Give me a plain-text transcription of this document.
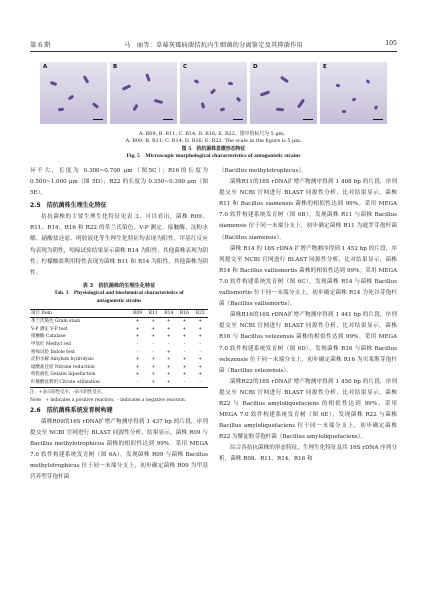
第 6 期	马　丽等：草莓灰霉病菌拮抗内生细菌的分离鉴定及其抑菌作用	105
A	B	C	D	E
A. R09; B. R11; C. R14; D. R16; E. R22。图中的标尺为 5 μm。
A. R09; B. R11; C. R14; D. R16; E. R22. The scale in the figure is 5 μm.
图 5　拮抗菌株显微形态特征
Fig. 5　Microscopic morphological characteristics of antagonistic strains

异不大，长度为 0.300~0.700 μm（图5C）；R16的长度为 0.500~1.000 μm（图 5D）；R22 的长度为 0.350~0.390 μm（图5E）。

2.5　拮抗菌株生理生化特征

拮抗菌株的主要生理生化特征见表 3。可以看出，菌株 R09、R11、R14、R16 和 R22 的革兰氏染色、V-P 测定、接触酶、淀粉水解、硝酸盐还原、明胶液化等生理生化特征均表现为阳性，甲基红反应均表现为阴性，吲哚试验结果显示菌株 R14 为阳性，其他菌株表现为阴性；柠檬酸盐利用特性表现为菌株 R11 和 R14 为阳性，其他菌株为阴性。

表 3　拮抗菌株的生理生化特征
Tab. 3　Physiological and biochemical characteristics of
antagonistic strains
项目 Item	R09	R11	R14	R16	R22
革兰氏染色 Gram stain	+	+	+	+	+
V-P 测定 V-P test	+	+	+	+	+
接触酶 Catalase	+	+	+	+	+
甲基红 Methyl red	-	-	-	-	-
吲哚试验 Indole test	-	-	+	-	-
淀粉水解 Amylum hydrolysis	+	+	+	+	+
硝酸盐还原 Nitrate reduction	+	+	+	+	+
明胶液化 Gelatin liquefaction	+	+	+	+	+
柠檬酸盐利用 Citrate utilization	-	+	+	-	-
注：+表示阳性反应；-表示阴性反应。
Note：+ indicates a positive reaction；- indicates a negative reaction.
2.6　拮抗菌株系统发育树构建

菌株R09的16S rDNA扩增产物测序得到 1 437 bp 的片段，序列提交至 NCBI 官网进行 BLAST 同源性分析，结果显示，菌株 R09 与 Bacillus methylotrophicus 菌株的相似性达到 99%。采用 MEGA 7.0 软件构建系统发育树（图 6A），发现菌株 R09 与菌株 Bacillus methylotrophicus 位于同一末端分支上，初步确定菌株 R09 为甲基营养型芽孢杆菌

（Bacillus methylotrophicus）。

菌株R11的16S rDNA扩增产物测序得到 1 408 bp 的片段，序列提交至 NCBI 官网进行 BLAST 同源性分析，比对结果显示，菌株 R11 和 Bacillus siamensis 菌株的相似性达到 99%。采用 MEGA 7.0 软件构建系统发育树（图 6B），发现菌株 R11 与菌株 Bacillus siamensis 位于同一末端分支上，初步确定菌株 R11 为暹罗芽孢杆菌（Bacillus siamensis）。

菌株 R14 的 16S rDNA 扩增产物测序得到 1 452 bp 的片段，序列提交至 NCBI 官网进行 BLAST 同源性分析，比对结果显示，菌株 R14 和 Bacillus vallismortis 菌株的相似性达到 99%。采用 MEGA 7.0 软件构建系统发育树（图 6C），发现菌株 R14 与菌株 Bacillus vallismortis 位于同一末端分支上，初步确定菌株 R14 为死谷芽孢杆菌（Bacillus vallismortis）。

菌株R16的16S rDNA扩增产物测序得到 1 441 bp 的片段，序列提交至 NCBI 官网进行 BLAST 同源性分析，比对结果显示，菌株 R16 与 Bacillus velezensis 菌株的相似性达到 99%。采用 MEGA 7.0 软件构建系统发育树（图 6D），发现菌株 R16 与菌株 Bacillus velezensis 位于同一末端分支上，初步确定菌株 R16 为贝莱斯芽孢杆菌（Bacillus velezensis）。

菌株R22的16S rDNA扩增产物测序得到 1 450 bp 的片段，序列提交至 NCBI 官网进行 BLAST 同源性分析，比对结果显示，菌株 R22 与 Bacillus amyloliquefaciens 的相似性达到 99%。采用 MEGA 7.0 软件构建系统发育树（图 6E），发现菌株 R22 与菌株 Bacillus amyloliquefaciens 位于同一末端分支上，初步确定菌株 R22 为解淀粉芽孢杆菌（Bacillus amyloliquefaciens）。

综合各拮抗菌株的形态特征、生理生化特征及其 16S rDNA 序列分析，菌株 R09、R11、R14、R16 和
